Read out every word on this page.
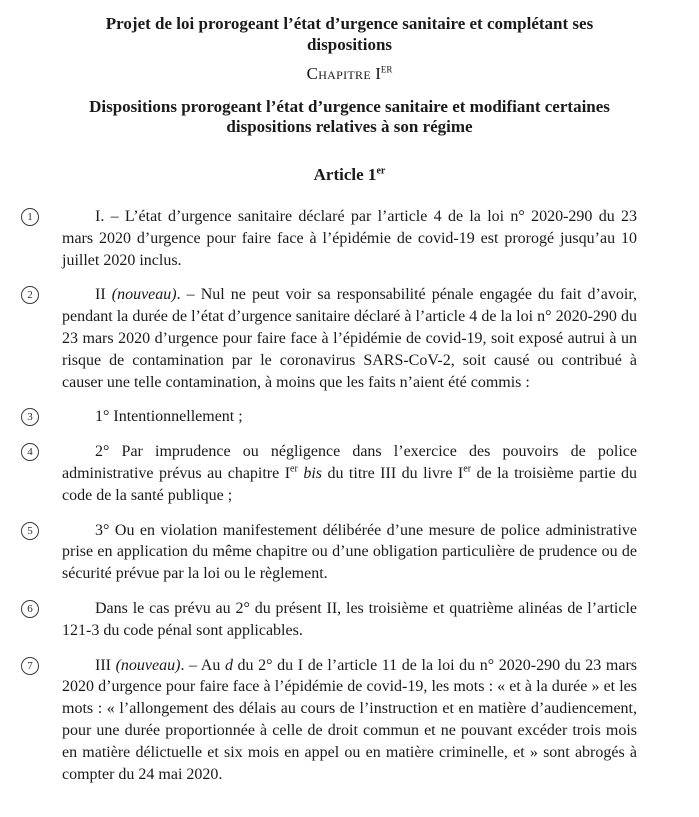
Projet de loi prorogeant l’état d’urgence sanitaire et complétant ses dispositions
Chapitre IER
Dispositions prorogeant l’état d’urgence sanitaire et modifiant certaines dispositions relatives à son régime
Article 1er

1	I. – L’état d’urgence sanitaire déclaré par l’article 4 de la loi n° 2020-290 du 23 mars 2020 d’urgence pour faire face à l’épidémie de covid-19 est prorogé jusqu’au 10 juillet 2020 inclus.

2	II (nouveau). – Nul ne peut voir sa responsabilité pénale engagée du fait d’avoir, pendant la durée de l’état d’urgence sanitaire déclaré à l’article 4 de la loi n° 2020-290 du 23 mars 2020 d’urgence pour faire face à l’épidémie de covid-19, soit exposé autrui à un risque de contamination par le coronavirus SARS-CoV-2, soit causé ou contribué à causer une telle contamination, à moins que les faits n’aient été commis :

3	1° Intentionnellement ;

4	2° Par imprudence ou négligence dans l’exercice des pouvoirs de police administrative prévus au chapitre Ier bis du titre III du livre Ier de la troisième partie du code de la santé publique ;

5	3° Ou en violation manifestement délibérée d’une mesure de police administrative prise en application du même chapitre ou d’une obligation particulière de prudence ou de sécurité prévue par la loi ou le règlement.

6	Dans le cas prévu au 2° du présent II, les troisième et quatrième alinéas de l’article 121-3 du code pénal sont applicables.

7	III (nouveau). – Au d du 2° du I de l’article 11 de la loi du n° 2020-290 du 23 mars 2020 d’urgence pour faire face à l’épidémie de covid-19, les mots : « et à la durée » et les mots : « l’allongement des délais au cours de l’instruction et en matière d’audiencement, pour une durée proportionnée à celle de droit commun et ne pouvant excéder trois mois en matière délictuelle et six mois en appel ou en matière criminelle, et » sont abrogés à compter du 24 mai 2020.
